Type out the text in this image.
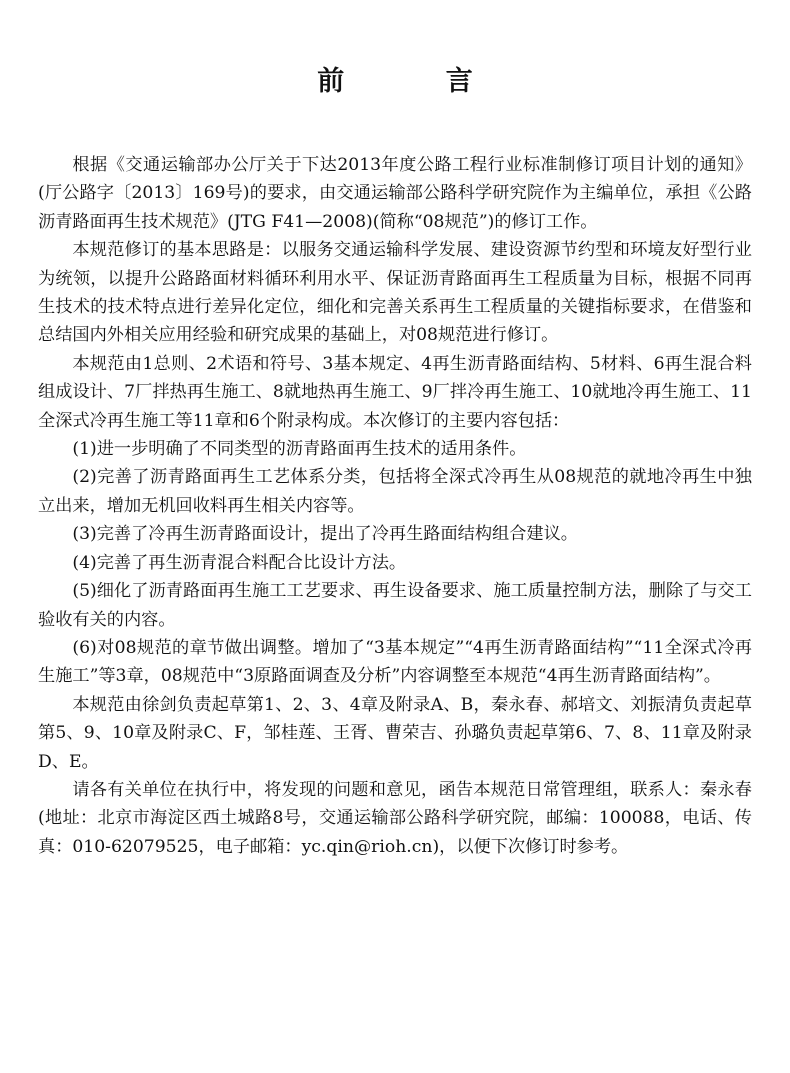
前 言

根据《交通运输部办公厅关于下达2013年度公路工程行业标准制修订项目计划的通知》(厅公路字〔2013〕169号)的要求，由交通运输部公路科学研究院作为主编单位，承担《公路沥青路面再生技术规范》(JTG F41—2008)(简称“08规范”)的修订工作。

本规范修订的基本思路是：以服务交通运输科学发展、建设资源节约型和环境友好型行业为统领，以提升公路路面材料循环利用水平、保证沥青路面再生工程质量为目标，根据不同再生技术的技术特点进行差异化定位，细化和完善关系再生工程质量的关键指标要求，在借鉴和总结国内外相关应用经验和研究成果的基础上，对08规范进行修订。

本规范由1总则、2术语和符号、3基本规定、4再生沥青路面结构、5材料、6再生混合料组成设计、7厂拌热再生施工、8就地热再生施工、9厂拌冷再生施工、10就地冷再生施工、11全深式冷再生施工等11章和6个附录构成。本次修订的主要内容包括：

(1)进一步明确了不同类型的沥青路面再生技术的适用条件。

(2)完善了沥青路面再生工艺体系分类，包括将全深式冷再生从08规范的就地冷再生中独立出来，增加无机回收料再生相关内容等。

(3)完善了冷再生沥青路面设计，提出了冷再生路面结构组合建议。

(4)完善了再生沥青混合料配合比设计方法。

(5)细化了沥青路面再生施工工艺要求、再生设备要求、施工质量控制方法，删除了与交工验收有关的内容。

(6)对08规范的章节做出调整。增加了“3基本规定”“4再生沥青路面结构”“11全深式冷再生施工”等3章，08规范中“3原路面调查及分析”内容调整至本规范“4再生沥青路面结构”。

本规范由徐剑负责起草第1、2、3、4章及附录A、B，秦永春、郝培文、刘振清负责起草第5、9、10章及附录C、F，邹桂莲、王胥、曹荣吉、孙璐负责起草第6、7、8、11章及附录D、E。

请各有关单位在执行中，将发现的问题和意见，函告本规范日常管理组，联系人：秦永春(地址：北京市海淀区西土城路8号，交通运输部公路科学研究院，邮编：100088，电话、传真：010-62079525，电子邮箱：yc.qin@rioh.cn)，以便下次修订时参考。
